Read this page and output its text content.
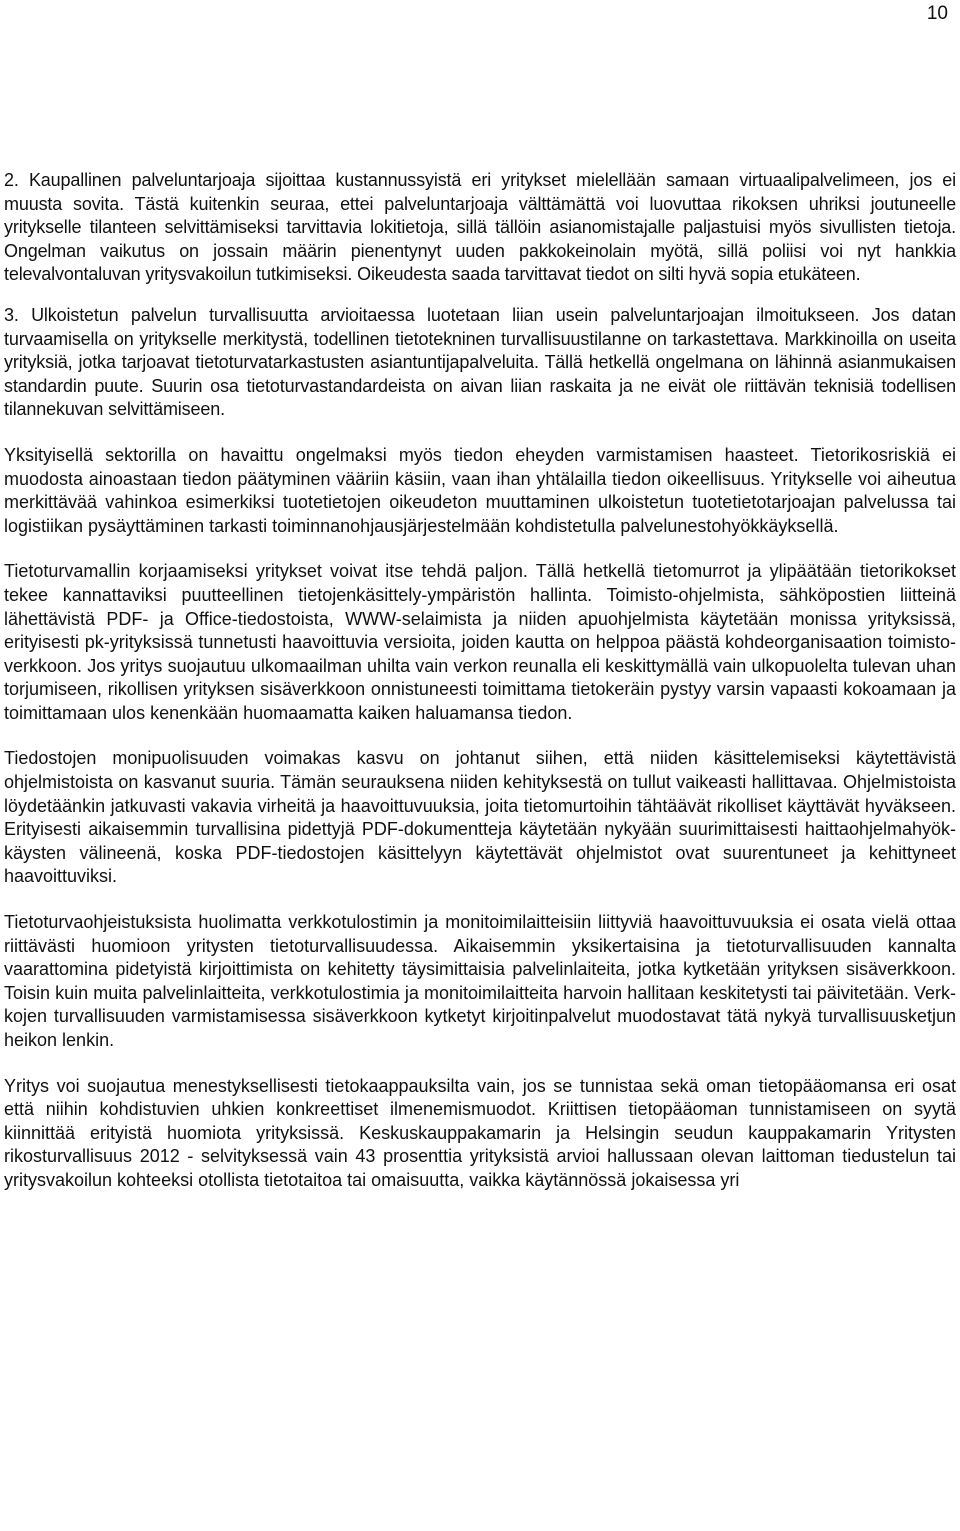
10

2. Kaupallinen palveluntarjoaja sijoittaa kustannussyistä eri yritykset mielellään samaan virtuaalipalvelimeen, jos ei muusta sovita. Tästä kuitenkin seuraa, ettei palveluntarjoaja välttämättä voi luovuttaa rikoksen uhriksi joutuneelle yritykselle tilanteen selvittämiseksi tarvittavia lokitietoja, sillä tällöin asianomistajalle paljastuisi myös sivullisten tietoja. Ongelman vaikutus on jossain määrin pienentynyt uuden pakkokeinolain myötä, sillä poliisi voi nyt hankkia televalvontaluvan yritysvakoilun tutkimiseksi. Oikeudesta saada tarvittavat tiedot on silti hyvä sopia etukäteen.

3. Ulkoistetun palvelun turvallisuutta arvioitaessa luotetaan liian usein palveluntarjoajan ilmoitukseen. Jos datan turvaamisella on yritykselle merkitystä, todellinen tietotekninen turvallisuustilanne on tarkastettava. Markkinoilla on useita yrityksiä, jotka tarjoavat tietoturvatarkastusten asiantuntijapalveluita. Tällä hetkellä ongelmana on lähinnä asianmukaisen standardin puute. Suurin osa tietoturvastandardeista on aivan liian raskaita ja ne eivät ole riittävän teknisiä todellisen tilannekuvan selvittämiseen.

Yksityisellä sektorilla on havaittu ongelmaksi myös tiedon eheyden varmistamisen haasteet. Tietorikosriskiä ei muodosta ainoastaan tiedon päätyminen vääriin käsiin, vaan ihan yhtälailla tiedon oikeellisuus. Yritykselle voi aiheutua merkittävää vahinkoa esimerkiksi tuotetietojen oikeudeton muuttaminen ulkoistetun tuotetietotarjoajan palvelussa tai logistiikan pysäyttäminen tarkasti toiminnanohjausjärjestelmään kohdistetulla palvelunestohyökkäyksellä.

Tietoturvamallin korjaamiseksi yritykset voivat itse tehdä paljon. Tällä hetkellä tietomurrot ja ylipäätään tietorikokset tekee kannattaviksi puutteellinen tietojenkäsittely-ympäristön hallinta. Toimisto-ohjelmista, sähköpostien liitteinä lähettävistä PDF- ja Office-tiedostoista, WWW-selaimista ja niiden apuohjelmista käytetään monissa yrityksissä, erityisesti pk-yrityksissä tunnetusti haavoittuvia versioita, joiden kautta on helppoa päästä kohdeorganisaation toimistoverkkoon. Jos yritys suojautuu ulkomaailman uhilta vain verkon reunalla eli keskittymällä vain ulkopuolelta tulevan uhan torjumiseen, rikollisen yrityksen sisäverkkoon onnistuneesti toimittama tietokeräin pystyy varsin vapaasti kokoamaan ja toimittamaan ulos kenenkään huomaamatta kaiken haluamansa tiedon.

Tiedostojen monipuolisuuden voimakas kasvu on johtanut siihen, että niiden käsittelemiseksi käytettävistä ohjelmistoista on kasvanut suuria. Tämän seurauksena niiden kehityksestä on tullut vaikeasti hallittavaa. Ohjelmistoista löydetäänkin jatkuvasti vakavia virheitä ja haavoittuvuuksia, joita tietomurtoihin tähtäävät rikolliset käyttävät hyväkseen. Erityisesti aikaisemmin turvallisina pidettyjä PDF-dokumentteja käytetään nykyään suurimittaisesti haittaohjelmahyökkäysten välineenä, koska PDF-tiedostojen käsittelyyn käytettävät ohjelmistot ovat suurentuneet ja kehittyneet haavoittuviksi.

Tietoturvaohjeistuksista huolimatta verkkotulostimin ja monitoimilaitteisiin liittyviä haavoittuvuuksia ei osata vielä ottaa riittävästi huomioon yritysten tietoturvallisuudessa. Aikaisemmin yksikertaisina ja tietoturvallisuuden kannalta vaarattomina pidetyistä kirjoittimista on kehitetty täysimittaisia palvelinlaiteita, jotka kytketään yrityksen sisäverkkoon. Toisin kuin muita palvelinlaitteita, verkkotulostimia ja monitoimilaitteita harvoin hallitaan keskitetysti tai päivitetään. Verkkojen turvallisuuden varmistamisessa sisäverkkoon kytketyt kirjoitinpalvelut muodostavat tätä nykyä turvallisuusketjun heikon lenkin.

Yritys voi suojautua menestyksellisesti tietokaappauksilta vain, jos se tunnistaa sekä oman tietopääomansa eri osat että niihin kohdistuvien uhkien konkreettiset ilmenemismuodot. Kriittisen tietopääoman tunnistamiseen on syytä kiinnittää erityistä huomiota yrityksissä. Keskuskauppakamarin ja Helsingin seudun kauppakamarin Yritysten rikosturvallisuus 2012 - selvityksessä vain 43 prosenttia yrityksistä arvioi hallussaan olevan laittoman tiedustelun tai yritysvakoilun kohteeksi otollista tietotaitoa tai omaisuutta, vaikka käytännössä jokaisessa yri
